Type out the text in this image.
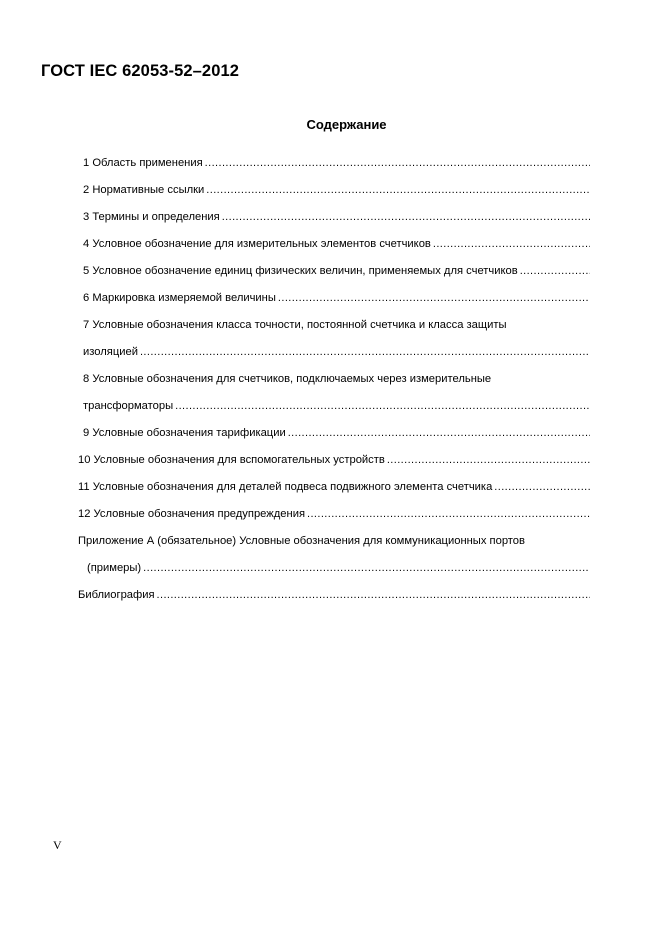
ГОСТ IEC 62053-52–2012
Содержание
1 Область применения
.....
2 Нормативные ссылки
.....
3 Термины и определения
.....
4 Условное обозначение для измерительных элементов счетчиков
.....
5 Условное обозначение единиц физических величин, применяемых для счетчиков
.....
6 Маркировка измеряемой величины
.....
7 Условные обозначения класса точности, постоянной счетчика и класса защиты
изоляцией
.....
8 Условные обозначения для счетчиков, подключаемых через измерительные
трансформаторы
.....
9 Условные обозначения тарификации
.....
10 Условные обозначения для вспомогательных устройств
.....
11 Условные обозначения для деталей подвеса подвижного элемента счетчика
.....
12 Условные обозначения предупреждения
.....
Приложение А (обязательное) Условные обозначения для коммуникационных портов
(примеры)
.....
Библиография
.....
V
